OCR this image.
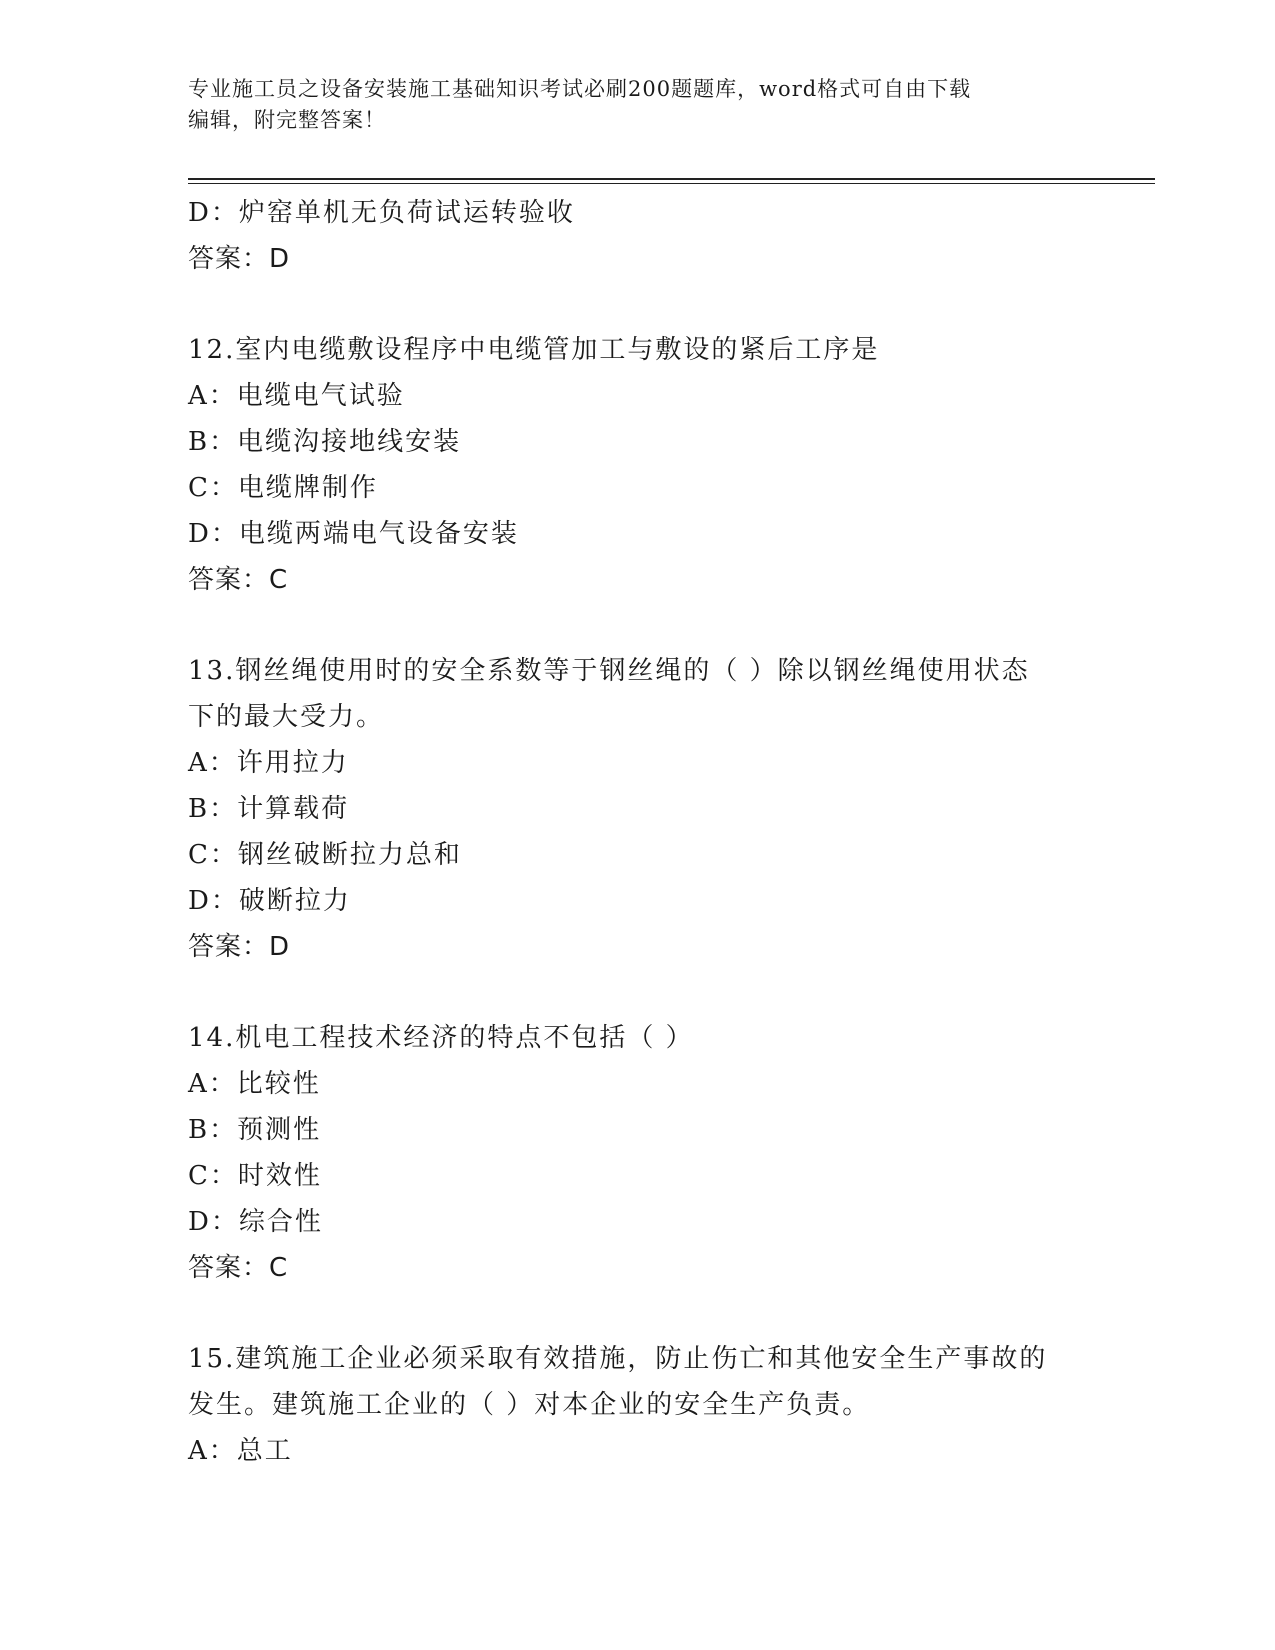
专业施工员之设备安装施工基础知识考试必刷200题题库，word格式可自由下载
编辑，附完整答案！
D：炉窑单机无负荷试运转验收
答案：D
12.室内电缆敷设程序中电缆管加工与敷设的紧后工序是
A：电缆电气试验
B：电缆沟接地线安装
C：电缆牌制作
D：电缆两端电气设备安装
答案：C
13.钢丝绳使用时的安全系数等于钢丝绳的（ ）除以钢丝绳使用状态
下的最大受力。
A：许用拉力
B：计算载荷
C：钢丝破断拉力总和
D：破断拉力
答案：D
14.机电工程技术经济的特点不包括（ ）
A：比较性
B：预测性
C：时效性
D：综合性
答案：C
15.建筑施工企业必须采取有效措施，防止伤亡和其他安全生产事故的
发生。建筑施工企业的（ ）对本企业的安全生产负责。
A：总工
